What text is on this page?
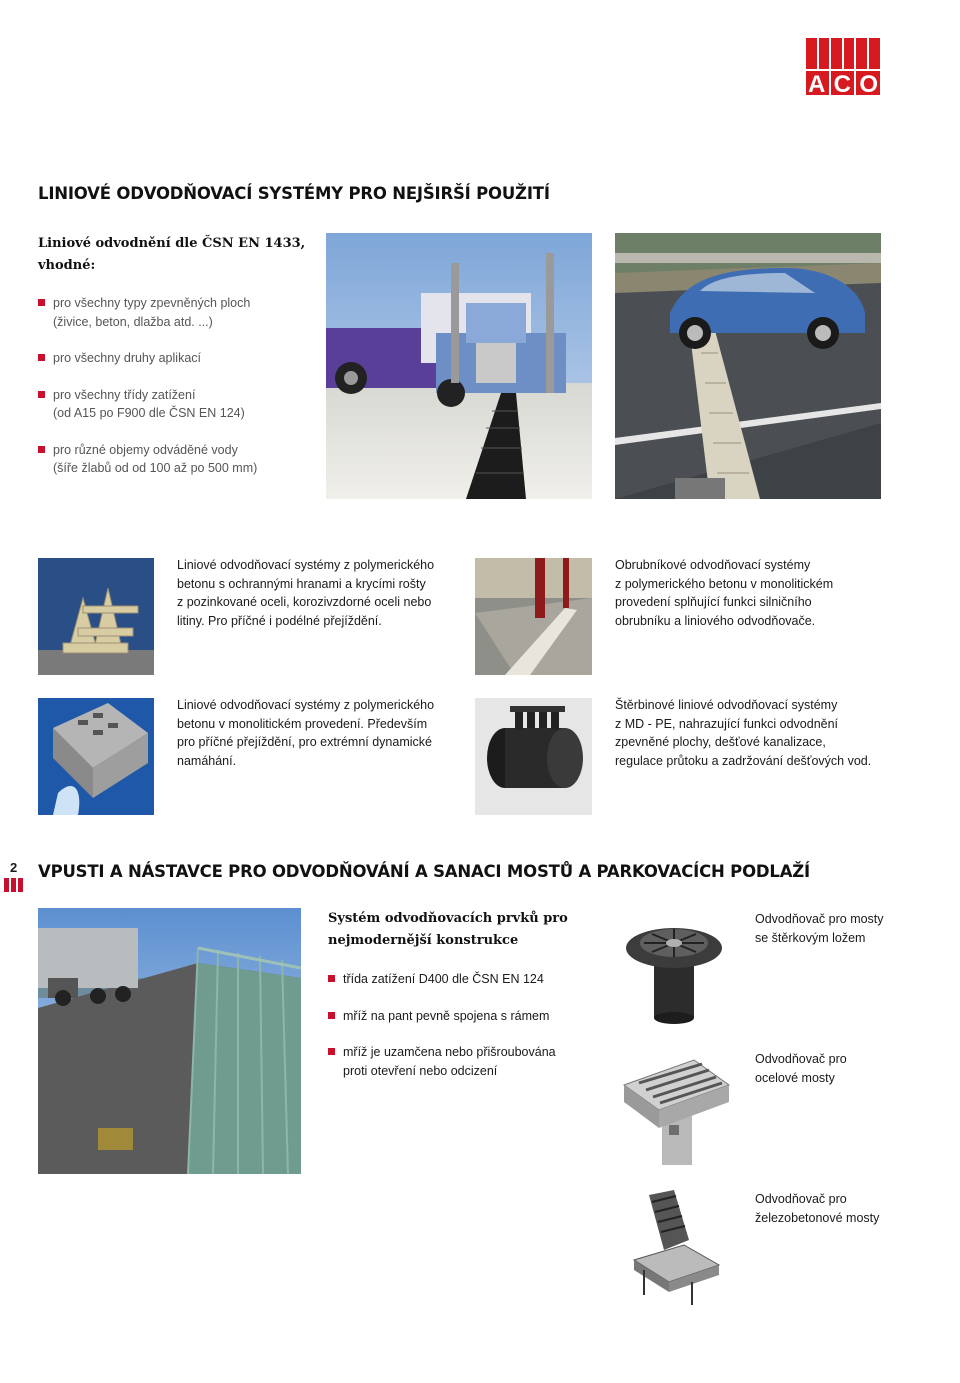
ACO
LINIOVÉ ODVODŇOVACÍ SYSTÉMY PRO NEJŠIRŠÍ POUŽITÍ
Liniové odvodnění dle ČSN EN 1433,
vhodné:
pro všechny typy zpevněných ploch
(živice, beton, dlažba atd. ...)
pro všechny druhy aplikací
pro všechny třídy zatížení
(od A15 po F900 dle ČSN EN 124)
pro různé objemy odváděné vody
(šíře žlabů od od 100 až po 500 mm)
Liniové odvodňovací systémy z polymerického
betonu s ochrannými hranami a krycími rošty
z pozinkované oceli, korozivzdorné oceli nebo
litiny. Pro příčné i podélné přejíždění.
Obrubníkové odvodňovací systémy
z polymerického betonu v monolitickém
provedení splňující funkci silničního
obrubníku a liniového odvodňovače.
Liniové odvodňovací systémy z polymerického
betonu v monolitickém provedení. Především
pro příčné přejíždění, pro extrémní dynamické
namáhání.
Štěrbinové liniové odvodňovací systémy
z MD - PE, nahrazující funkci odvodnění
zpevněné plochy, dešťové kanalizace,
regulace průtoku a zadržování dešťových vod.
2 VPUSTI A NÁSTAVCE PRO ODVODŇOVÁNÍ A SANACI MOSTŮ A PARKOVACÍCH PODLAŽÍ
Systém odvodňovacích prvků pro
nejmodernější konstrukce
třída zatížení D400 dle ČSN EN 124
mříž na pant pevně spojena s rámem
mříž je uzamčena nebo přišroubována
proti otevření nebo odcizení
Odvodňovač pro mosty
se štěrkovým ložem
Odvodňovač pro
ocelové mosty
Odvodňovač pro
železobetonové mosty
